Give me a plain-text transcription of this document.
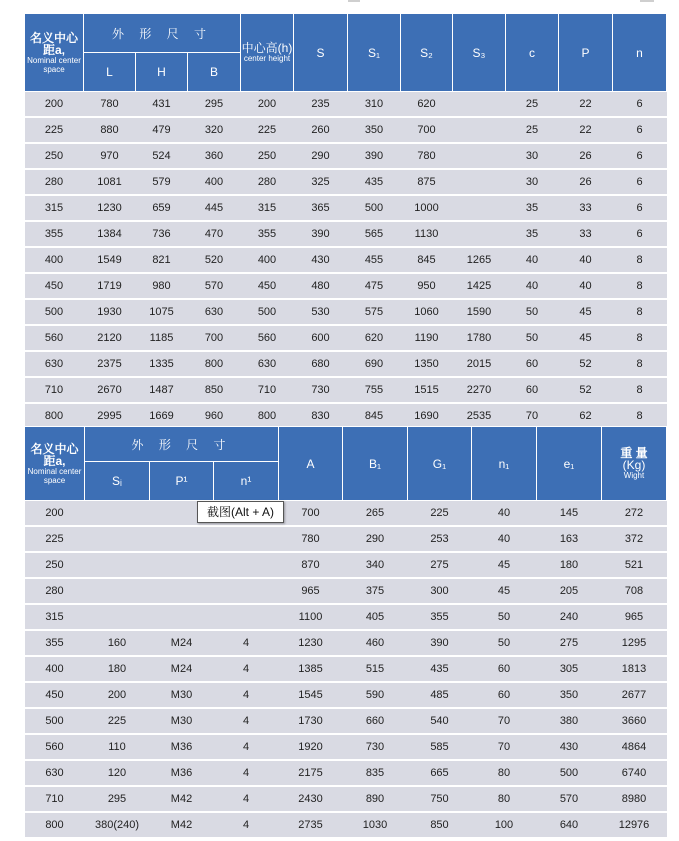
名义中心距a,
Nominal center space	外 形 尺 寸			中心高(h)
center height	S	S₁	S₂	S₃	c	P	n
	L	H	B								
200	780	431	295	200	235	310	620		25	22	6
225	880	479	320	225	260	350	700		25	22	6
250	970	524	360	250	290	390	780		30	26	6
280	1081	579	400	280	325	435	875		30	26	6
315	1230	659	445	315	365	500	1000		35	33	6
355	1384	736	470	355	390	565	1130		35	33	6
400	1549	821	520	400	430	455	845	1265	40	40	8
450	1719	980	570	450	480	475	950	1425	40	40	8
500	1930	1075	630	500	530	575	1060	1590	50	45	8
560	2120	1185	700	560	600	620	1190	1780	50	45	8
630	2375	1335	800	630	680	690	1350	2015	60	52	8
710	2670	1487	850	710	730	755	1515	2270	60	52	8
800	2995	1669	960	800	830	845	1690	2535	70	62	8
名义中心距a,
Nominal center space	外 形 尺 寸			A	B₁	G₁	n₁	e₁	重 量
(Kg)
Wight

	Sᵢ	P¹	n¹						
200				700	265	225	40	145	272
225				780	290	253	40	163	372
250				870	340	275	45	180	521
280				965	375	300	45	205	708
315				1100	405	355	50	240	965
355	160	M24	4	1230	460	390	50	275	1295
400	180	M24	4	1385	515	435	60	305	1813
450	200	M30	4	1545	590	485	60	350	2677
500	225	M30	4	1730	660	540	70	380	3660
560	110	M36	4	1920	730	585	70	430	4864
630	120	M36	4	2175	835	665	80	500	6740
710	295	M42	4	2430	890	750	80	570	8980
800	380(240)	M42	4	2735	1030	850	100	640	12976
截图(Alt + A)
